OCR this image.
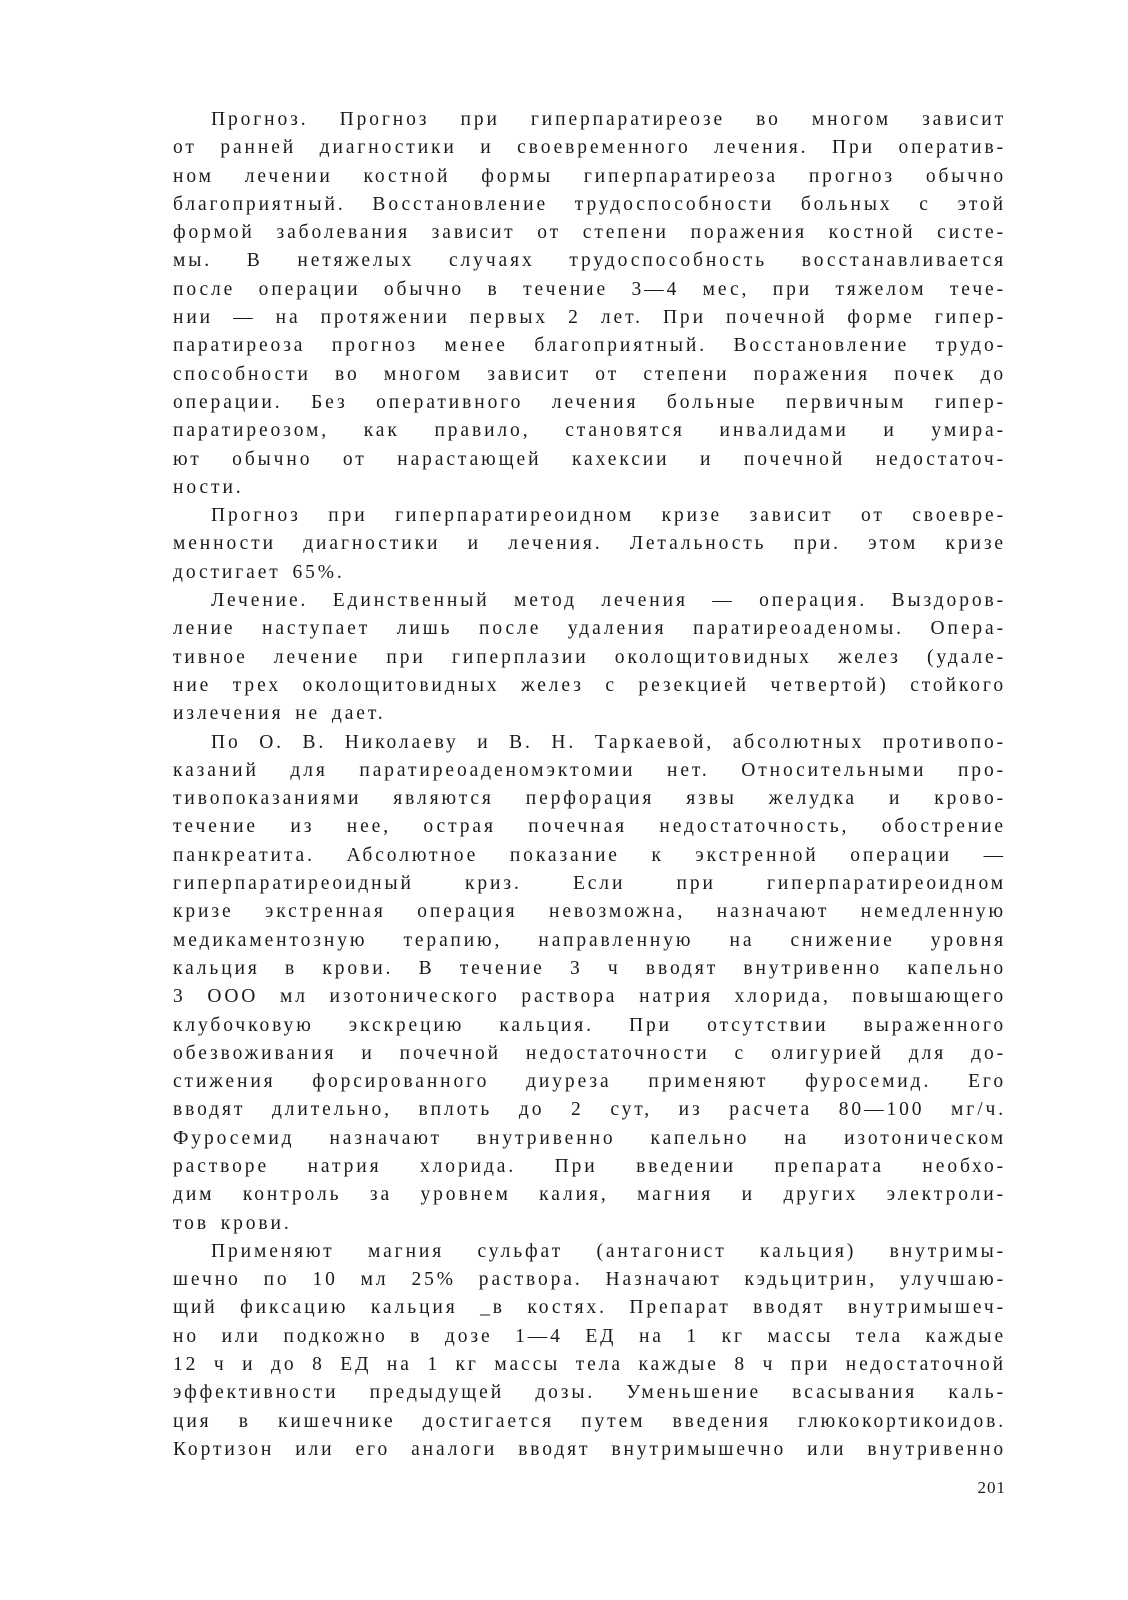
Прогноз. Прогноз при гиперпаратиреозе во многом зависит
от ранней диагностики и своевременного лечения. При оператив-
ном лечении костной формы гиперпаратиреоза прогноз обычно
благоприятный. Восстановление трудоспособности больных с этой
формой заболевания зависит от степени поражения костной систе-
мы. В нетяжелых случаях трудоспособность восстанавливается
после операции обычно в течение 3—4 мес, при тяжелом тече-
нии — на протяжении первых 2 лет. При почечной форме гипер-
паратиреоза прогноз менее благоприятный. Восстановление трудо-
способности во многом зависит от степени поражения почек до
операции. Без оперативного лечения больные первичным гипер-
паратиреозом, как правило, становятся инвалидами и умира-
ют обычно от нарастающей кахексии и почечной недостаточ-
ности.
Прогноз при гиперпаратиреоидном кризе зависит от своевре-
менности диагностики и лечения. Летальность при. этом кризе
достигает 65%.
Лечение. Единственный метод лечения — операция. Выздоров-
ление наступает лишь после удаления паратиреоаденомы. Опера-
тивное лечение при гиперплазии околощитовидных желез (удале-
ние трех околощитовидных желез с резекцией четвертой) стойкого
излечения не дает.
По О. В. Николаеву и В. Н. Таркаевой, абсолютных противопо-
казаний для паратиреоаденомэктомии нет. Относительными про-
тивопоказаниями являются перфорация язвы желудка и крово-
течение из нее, острая почечная недостаточность, обострение
панкреатита. Абсолютное показание к экстренной операции —
гиперпаратиреоидный криз. Если при гиперпаратиреоидном
кризе экстренная операция невозможна, назначают немедленную
медикаментозную терапию, направленную на снижение уровня
кальция в крови. В течение 3 ч вводят внутривенно капельно
3 ООО мл изотонического раствора натрия хлорида, повышающего
клубочковую экскрецию кальция. При отсутствии выраженного
обезвоживания и почечной недостаточности с олигурией для до-
стижения форсированного диуреза применяют фуросемид. Его
вводят длительно, вплоть до 2 сут, из расчета 80—100 мг/ч.
Фуросемид назначают внутривенно капельно на изотоническом
растворе натрия хлорида. При введении препарата необхо-
дим контроль за уровнем калия, магния и других электроли-
тов крови.
Применяют магния сульфат (антагонист кальция) внутримы-
шечно по 10 мл 25% раствора. Назначают кэдьцитрин, улучшаю-
щий фиксацию кальция _в костях. Препарат вводят внутримышеч-
но или подкожно в дозе 1—4 ЕД на 1 кг массы тела каждые
12 ч и до 8 ЕД на 1 кг массы тела каждые 8 ч при недостаточной
эффективности предыдущей дозы. Уменьшение всасывания каль-
ция в кишечнике достигается путем введения глюкокортикоидов.
Кортизон или его аналоги вводят внутримышечно или внутривенно
201
